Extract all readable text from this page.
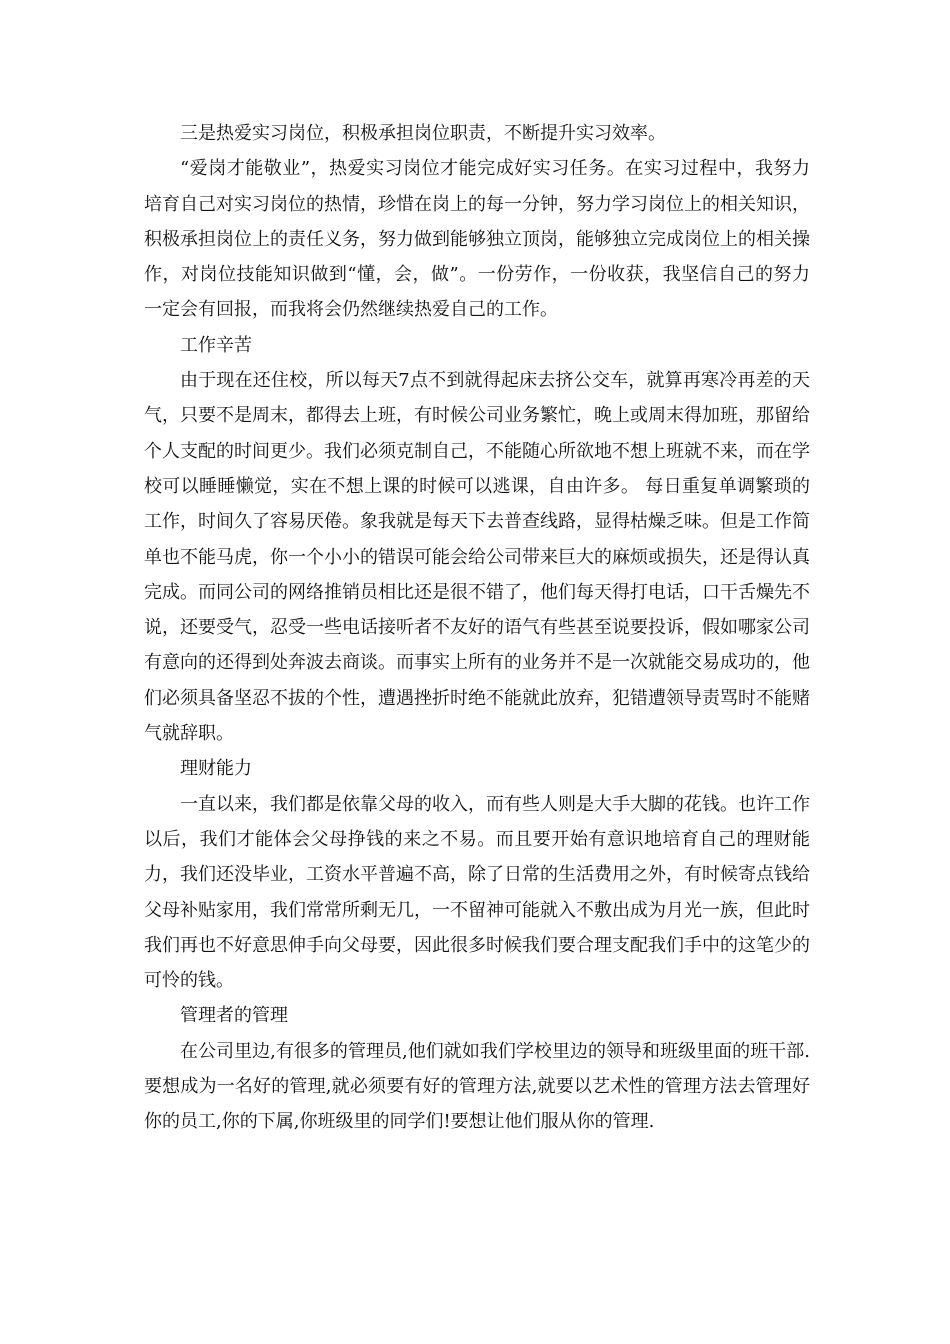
三是热爱实习岗位，积极承担岗位职责，不断提升实习效率。

“爱岗才能敬业”，热爱实习岗位才能完成好实习任务。在实习过程中，我努力培育自己对实习岗位的热情，珍惜在岗上的每一分钟，努力学习岗位上的相关知识，积极承担岗位上的责任义务，努力做到能够独立顶岗，能够独立完成岗位上的相关操作，对岗位技能知识做到“懂，会，做”。一份劳作，一份收获，我坚信自己的努力一定会有回报，而我将会仍然继续热爱自己的工作。

工作辛苦

由于现在还住校，所以每天7点不到就得起床去挤公交车，就算再寒冷再差的天气，只要不是周末，都得去上班，有时候公司业务繁忙，晚上或周末得加班，那留给个人支配的时间更少。我们必须克制自己，不能随心所欲地不想上班就不来，而在学校可以睡睡懒觉，实在不想上课的时候可以逃课，自由许多。 每日重复单调繁琐的工作，时间久了容易厌倦。象我就是每天下去普查线路，显得枯燥乏味。但是工作简单也不能马虎，你一个小小的错误可能会给公司带来巨大的麻烦或损失，还是得认真完成。而同公司的网络推销员相比还是很不错了，他们每天得打电话，口干舌燥先不说，还要受气，忍受一些电话接听者不友好的语气有些甚至说要投诉，假如哪家公司有意向的还得到处奔波去商谈。而事实上所有的业务并不是一次就能交易成功的，他们必须具备坚忍不拔的个性，遭遇挫折时绝不能就此放弃，犯错遭领导责骂时不能赌气就辞职。

理财能力

一直以来，我们都是依靠父母的收入，而有些人则是大手大脚的花钱。也许工作以后，我们才能体会父母挣钱的来之不易。而且要开始有意识地培育自己的理财能力，我们还没毕业，工资水平普遍不高，除了日常的生活费用之外，有时候寄点钱给父母补贴家用，我们常常所剩无几，一不留神可能就入不敷出成为月光一族，但此时我们再也不好意思伸手向父母要，因此很多时候我们要合理支配我们手中的这笔少的可怜的钱。

管理者的管理

在公司里边,有很多的管理员,他们就如我们学校里边的领导和班级里面的班干部.要想成为一名好的管理,就必须要有好的管理方法,就要以艺术性的管理方法去管理好你的员工,你的下属,你班级里的同学们!要想让他们服从你的管理.
